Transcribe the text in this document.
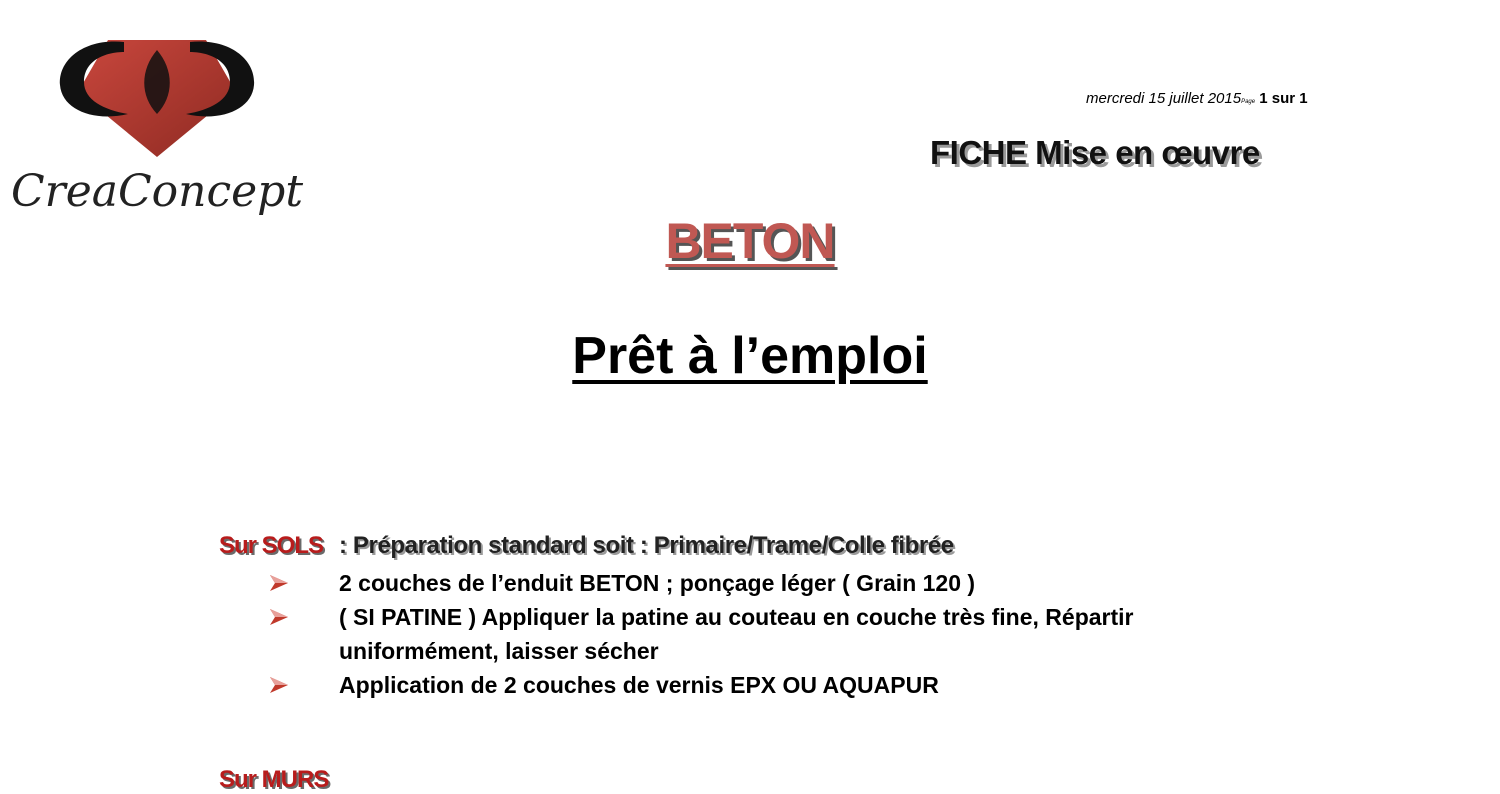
CreaConcept
mercredi 15 juillet 2015Page 1 sur 1
FICHE Mise en œuvre
BETON
Prêt à l’emploi
Sur SOLS : Préparation standard soit : Primaire/Trame/Colle fibrée
2 couches de l’enduit BETON ; ponçage léger ( Grain 120 )
( SI PATINE ) Appliquer la patine au couteau en couche très fine, Répartir uniformément, laisser sécher
Application de 2 couches de vernis EPX OU AQUAPUR
Sur MURS
